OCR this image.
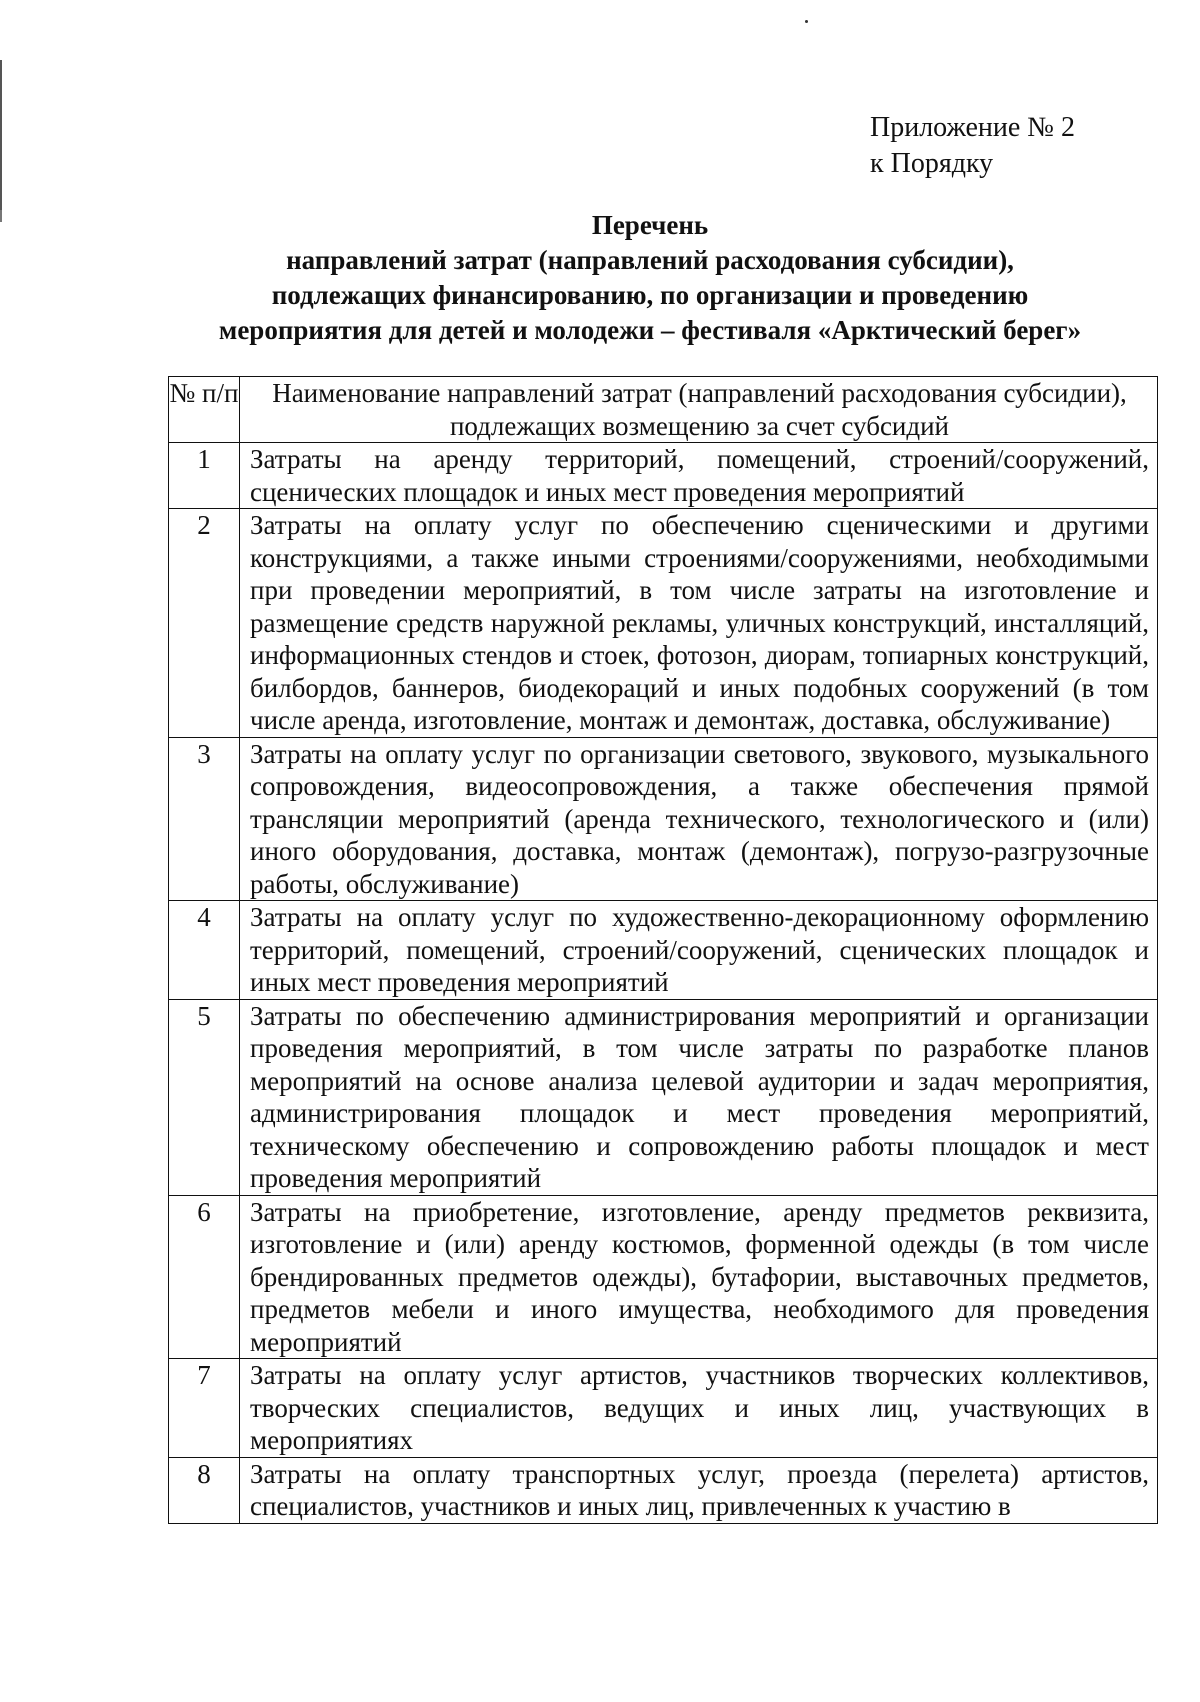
Приложение № 2
к Порядку
Перечень
направлений затрат (направлений расходования субсидии),
подлежащих финансированию, по организации и проведению
мероприятия для детей и молодежи – фестиваля «Арктический берег»
№ п/п	Наименование направлений затрат (направлений расходования субсидии), подлежащих возмещению за счет субсидий
1	Затраты на аренду территорий, помещений, строений/сооружений, сценических площадок и иных мест проведения мероприятий
2	Затраты на оплату услуг по обеспечению сценическими и другими конструкциями, а также иными строениями/сооружениями, необходимыми при проведении мероприятий, в том числе затраты на изготовление и размещение средств наружной рекламы, уличных конструкций, инсталляций, информационных стендов и стоек, фотозон, диорам, топиарных конструкций, билбордов, баннеров, биодекораций и иных подобных сооружений (в том числе аренда, изготовление, монтаж и демонтаж, доставка, обслуживание)
3	Затраты на оплату услуг по организации светового, звукового, музыкального сопровождения, видеосопровождения, а также обеспечения прямой трансляции мероприятий (аренда технического, технологического и (или) иного оборудования, доставка, монтаж (демонтаж), погрузо-разгрузочные работы, обслуживание)
4	Затраты на оплату услуг по художественно-декорационному оформлению территорий, помещений, строений/сооружений, сценических площадок и иных мест проведения мероприятий
5	Затраты по обеспечению администрирования мероприятий и организации проведения мероприятий, в том числе затраты по разработке планов мероприятий на основе анализа целевой аудитории и задач мероприятия, администрирования площадок и мест проведения мероприятий, техническому обеспечению и сопровождению работы площадок и мест проведения мероприятий
6	Затраты на приобретение, изготовление, аренду предметов реквизита, изготовление и (или) аренду костюмов, форменной одежды (в том числе брендированных предметов одежды), бутафории, выставочных предметов, предметов мебели и иного имущества, необходимого для проведения мероприятий
7	Затраты на оплату услуг артистов, участников творческих коллективов, творческих специалистов, ведущих и иных лиц, участвующих в мероприятиях
8	Затраты на оплату транспортных услуг, проезда (перелета) артистов, специалистов, участников и иных лиц, привлеченных к участию в
